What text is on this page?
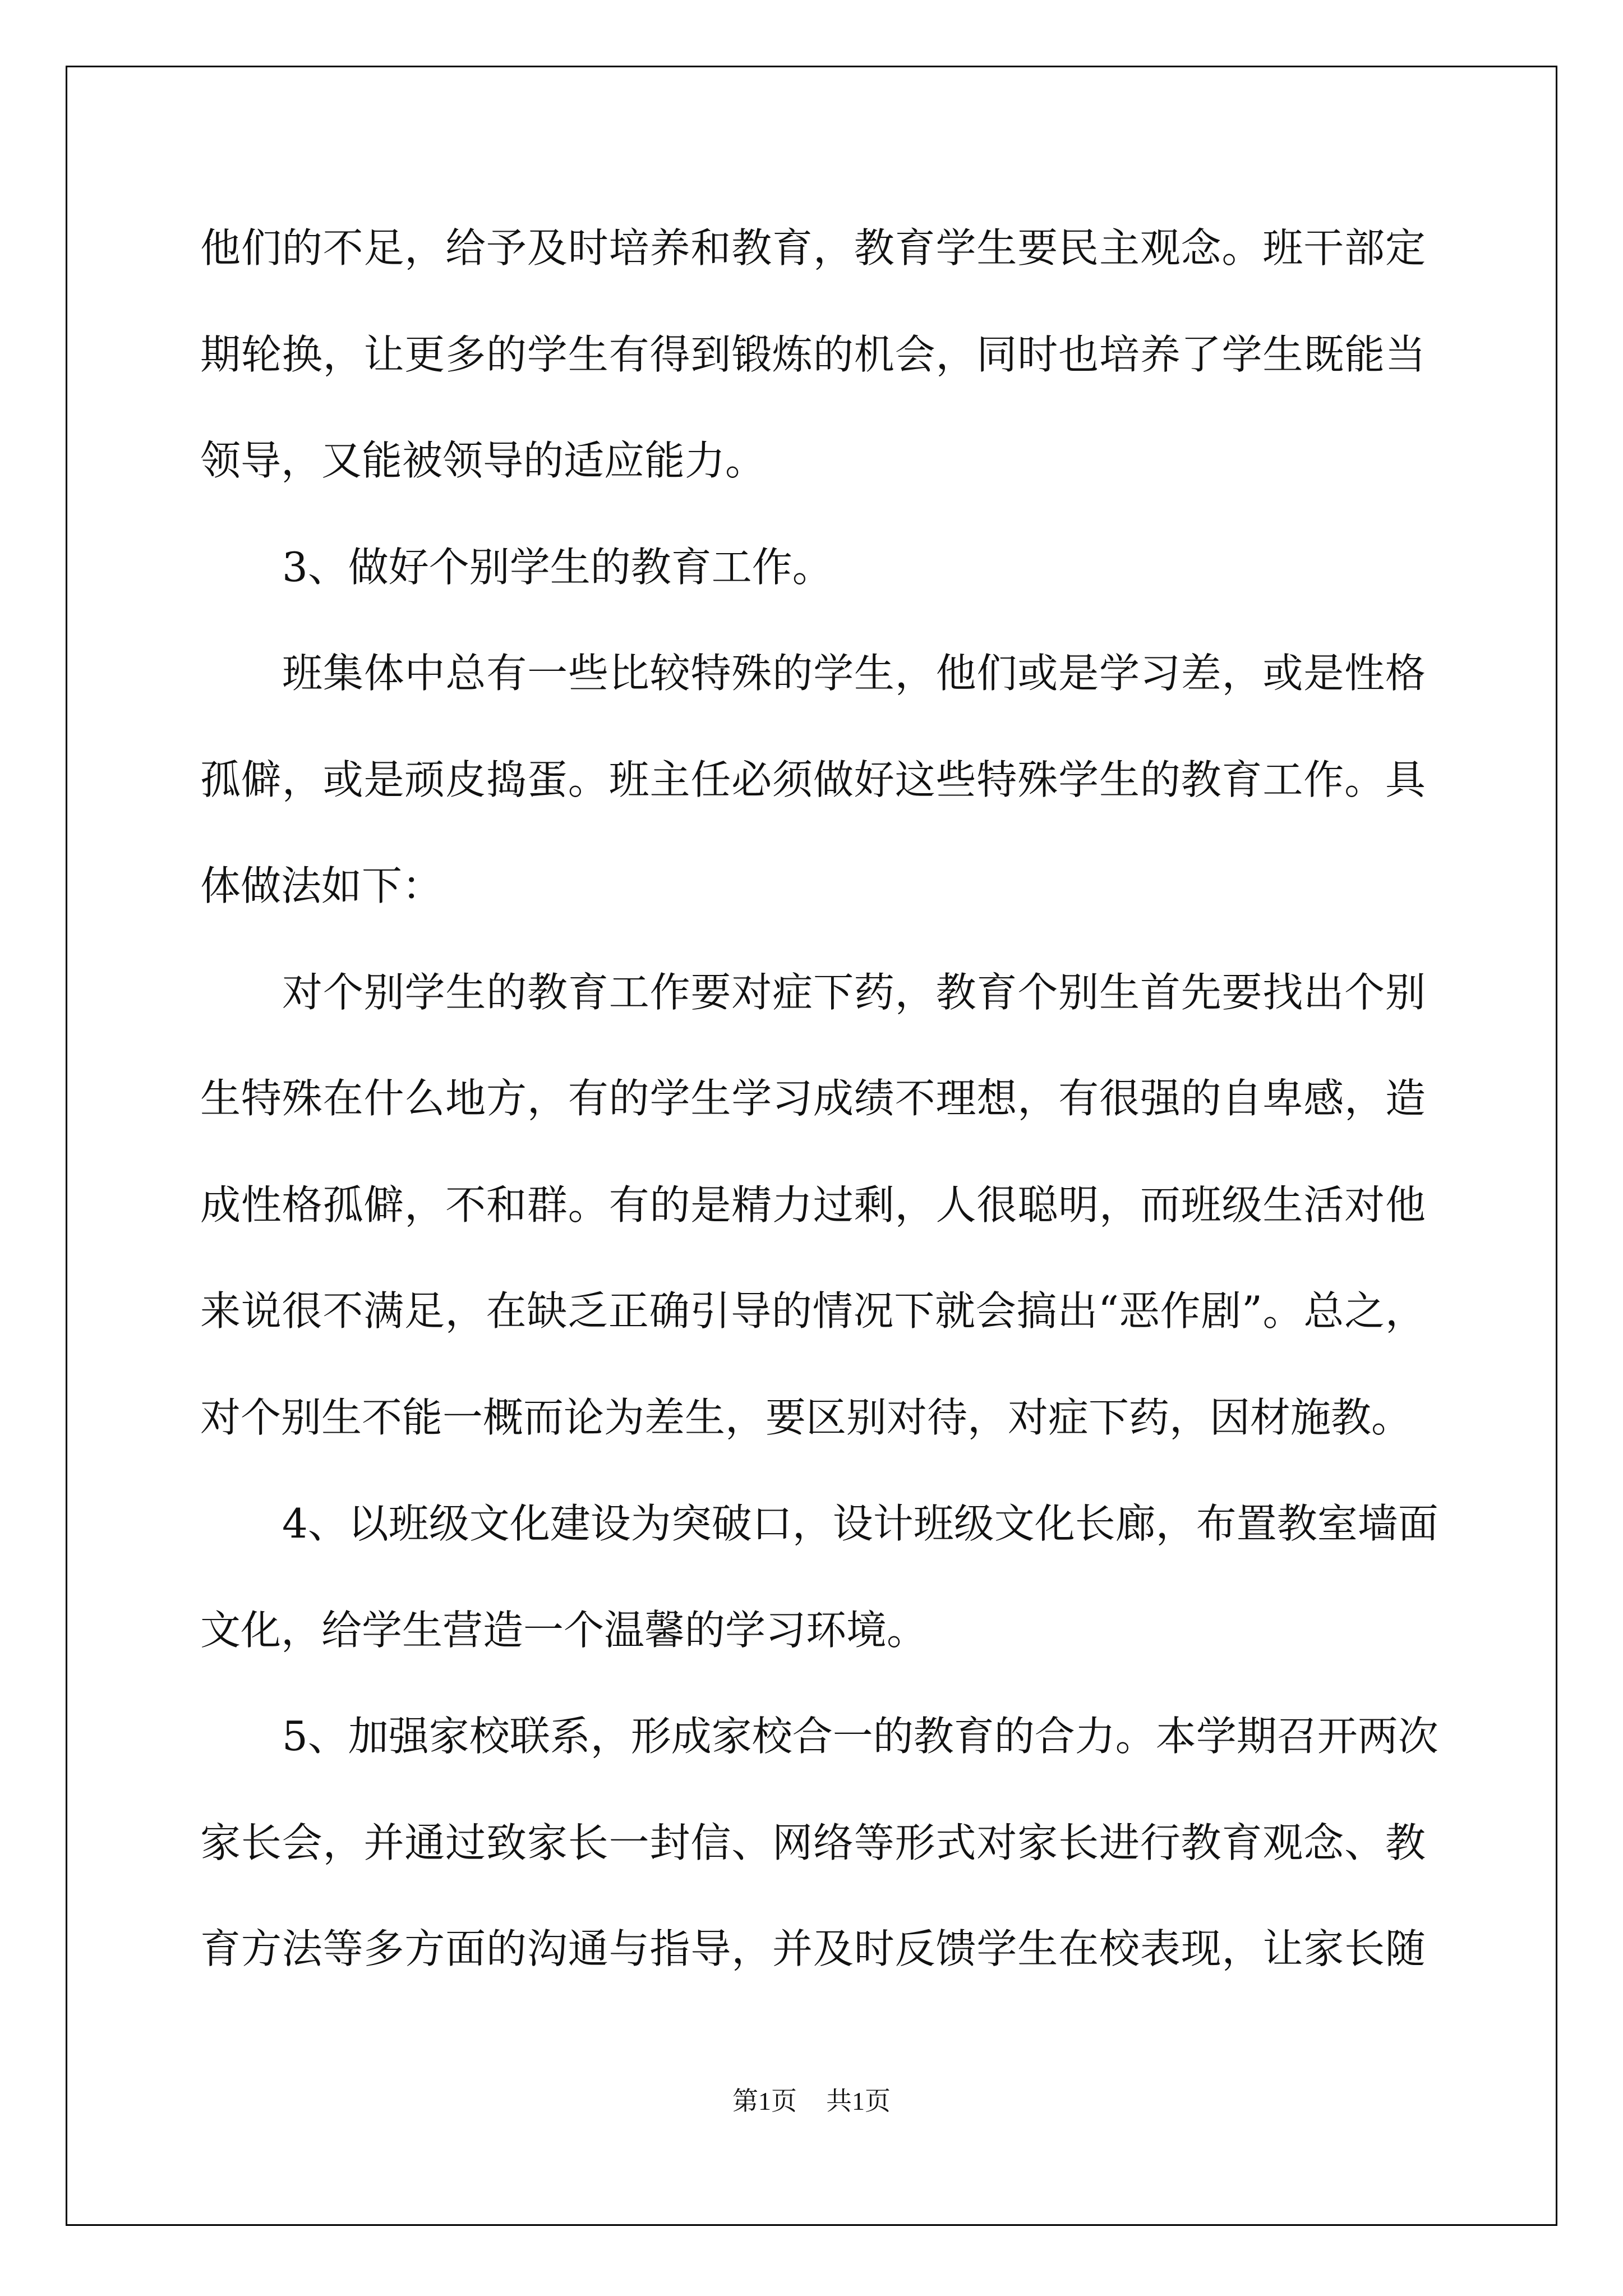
他们的不足，给予及时培养和教育，教育学生要民主观念。班干部定
期轮换，让更多的学生有得到锻炼的机会，同时也培养了学生既能当
领导，又能被领导的适应能力。
3、做好个别学生的教育工作。
班集体中总有一些比较特殊的学生，他们或是学习差，或是性格
孤僻，或是顽皮捣蛋。班主任必须做好这些特殊学生的教育工作。具
体做法如下：
对个别学生的教育工作要对症下药，教育个别生首先要找出个别
生特殊在什么地方，有的学生学习成绩不理想，有很强的自卑感，造
成性格孤僻，不和群。有的是精力过剩，人很聪明，而班级生活对他
来说很不满足，在缺乏正确引导的情况下就会搞出“恶作剧”。总之，
对个别生不能一概而论为差生，要区别对待，对症下药，因材施教。
4、以班级文化建设为突破口，设计班级文化长廊，布置教室墙面
文化，给学生营造一个温馨的学习环境。
5、加强家校联系，形成家校合一的教育的合力。本学期召开两次
家长会，并通过致家长一封信、网络等形式对家长进行教育观念、教
育方法等多方面的沟通与指导，并及时反馈学生在校表现，让家长随
第1页 共1页
